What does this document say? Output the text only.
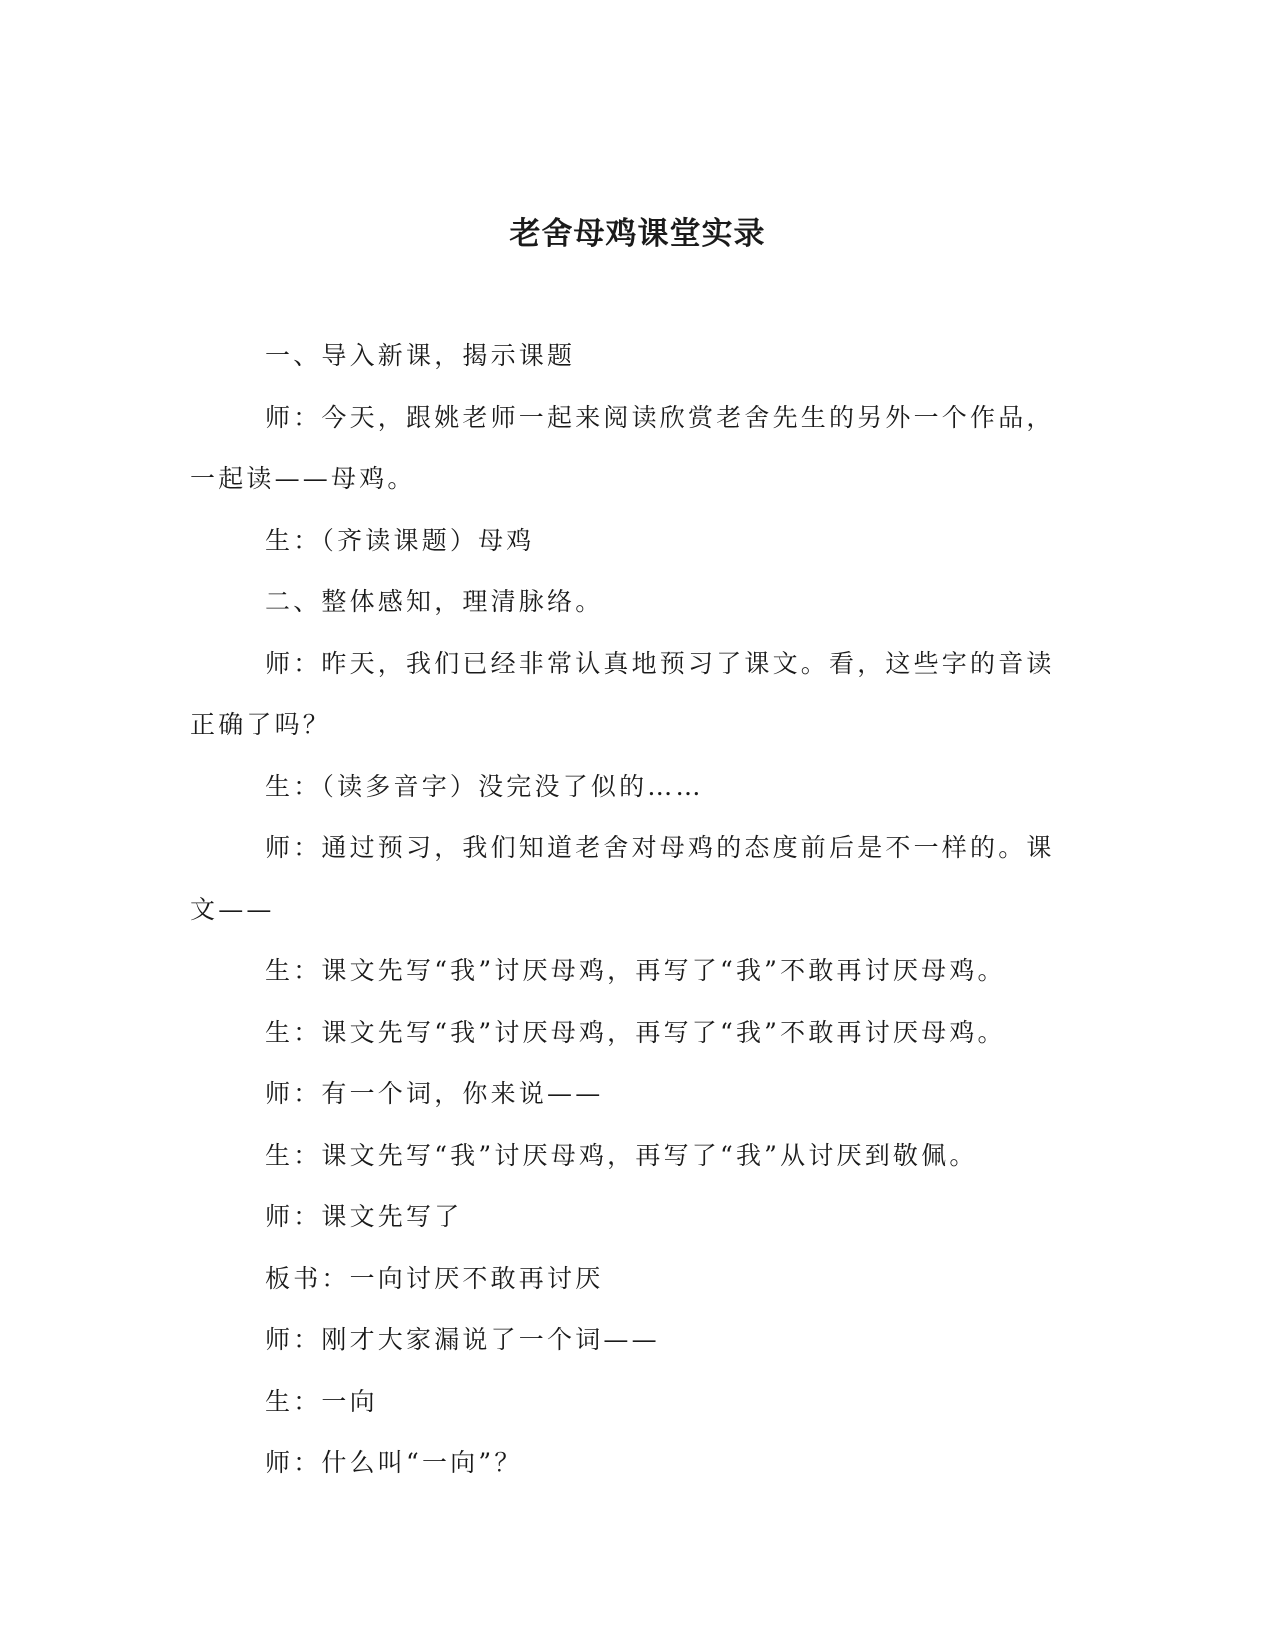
老舍母鸡课堂实录

一、导入新课，揭示课题

师：今天，跟姚老师一起来阅读欣赏老舍先生的另外一个作品，一起读——母鸡。

生：（齐读课题）母鸡

二、整体感知，理清脉络。

师：昨天，我们已经非常认真地预习了课文。看，这些字的音读正确了吗？

生：（读多音字）没完没了似的……

师：通过预习，我们知道老舍对母鸡的态度前后是不一样的。课文——

生：课文先写“我”讨厌母鸡，再写了“我”不敢再讨厌母鸡。

生：课文先写“我”讨厌母鸡，再写了“我”不敢再讨厌母鸡。

师：有一个词，你来说——

生：课文先写“我”讨厌母鸡，再写了“我”从讨厌到敬佩。

师：课文先写了

板书：一向讨厌不敢再讨厌

师：刚才大家漏说了一个词——

生：一向

师：什么叫“一向”？
